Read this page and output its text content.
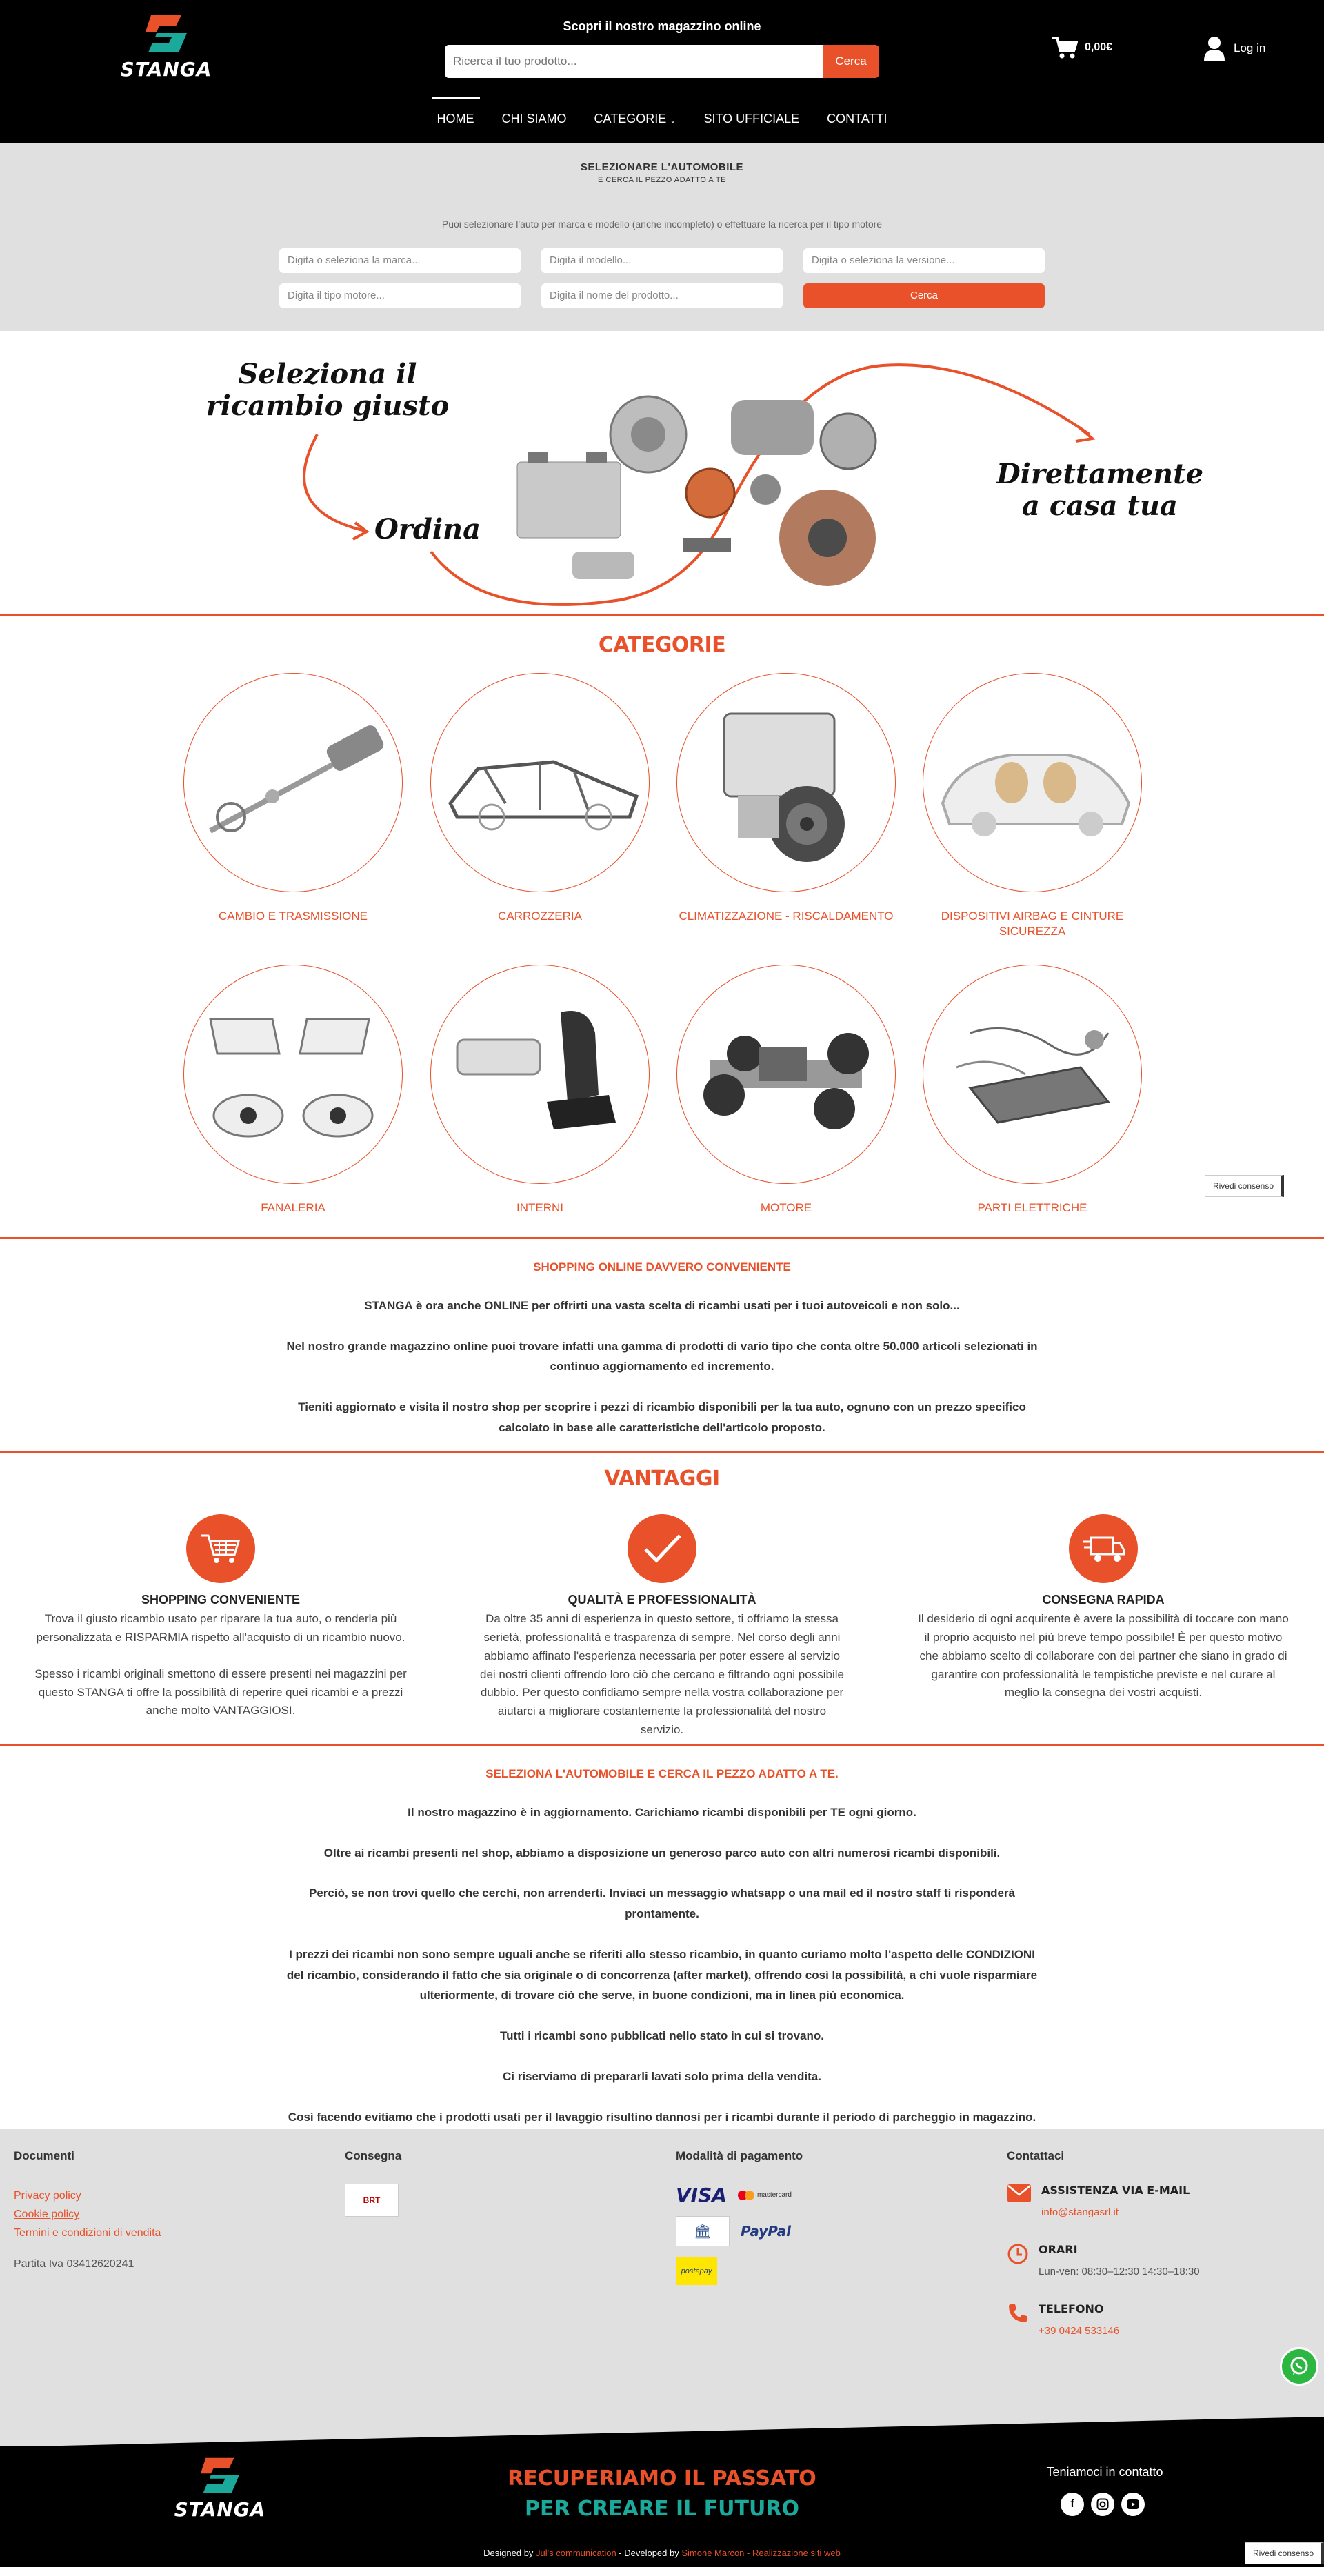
STANGA
Scopri il nostro magazzino online
Ricerca il tuo prodotto...
Cerca
0,00€	Log in
HOME	CHI SIAMO	CATEGORIE ⌄	SITO UFFICIALE	CONTATTI
SELEZIONARE L'AUTOMOBILE
E CERCA IL PEZZO ADATTO A TE
Puoi selezionare l'auto per marca e modello (anche incompleto) o effettuare la ricerca per il tipo motore
Digita o seleziona la marca...	Digita il modello...	Digita o seleziona la versione...
Digita il tipo motore...	Digita il nome del prodotto...	Cerca
Seleziona il ricambio giusto
Ordina
Direttamente a casa tua
CATEGORIE
CAMBIO E TRASMISSIONE	CARROZZERIA	CLIMATIZZAZIONE - RISCALDAMENTO	DISPOSITIVI AIRBAG E CINTURE SICUREZZA
FANALERIA	INTERNI	MOTORE	PARTI ELETTRICHE
Rivedi consenso
SHOPPING ONLINE DAVVERO CONVENIENTE

STANGA è ora anche ONLINE per offrirti una vasta scelta di ricambi usati per i tuoi autoveicoli e non solo...

Nel nostro grande magazzino online puoi trovare infatti una gamma di prodotti di vario tipo che conta oltre 50.000 articoli selezionati in continuo aggiornamento ed incremento.

Tieniti aggiornato e visita il nostro shop per scoprire i pezzi di ricambio disponibili per la tua auto, ognuno con un prezzo specifico calcolato in base alle caratteristiche dell'articolo proposto.

VANTAGGI
SHOPPING CONVENIENTE
Trova il giusto ricambio usato per riparare la tua auto, o renderla più personalizzata e RISPARMIA rispetto all'acquisto di un ricambio nuovo.
Spesso i ricambi originali smettono di essere presenti nei magazzini per questo STANGA ti offre la possibilità di reperire quei ricambi e a prezzi anche molto VANTAGGIOSI.
QUALITÀ E PROFESSIONALITÀ
Da oltre 35 anni di esperienza in questo settore, ti offriamo la stessa serietà, professionalità e trasparenza di sempre. Nel corso degli anni abbiamo affinato l'esperienza necessaria per poter essere al servizio dei nostri clienti offrendo loro ciò che cercano e filtrando ogni possibile dubbio. Per questo confidiamo sempre nella vostra collaborazione per aiutarci a migliorare costantemente la professionalità del nostro servizio.
CONSEGNA RAPIDA
Il desiderio di ogni acquirente è avere la possibilità di toccare con mano il proprio acquisto nel più breve tempo possibile! È per questo motivo che abbiamo scelto di collaborare con dei partner che siano in grado di garantire con professionalità le tempistiche previste e nel curare al meglio la consegna dei vostri acquisti.
SELEZIONA L'AUTOMOBILE E CERCA IL PEZZO ADATTO A TE.

Il nostro magazzino è in aggiornamento. Carichiamo ricambi disponibili per TE ogni giorno.

Oltre ai ricambi presenti nel shop, abbiamo a disposizione un generoso parco auto con altri numerosi ricambi disponibili.

Perciò, se non trovi quello che cerchi, non arrenderti. Inviaci un messaggio whatsapp o una mail ed il nostro staff ti risponderà prontamente.

I prezzi dei ricambi non sono sempre uguali anche se riferiti allo stesso ricambio, in quanto curiamo molto l'aspetto delle CONDIZIONI del ricambio, considerando il fatto che sia originale o di concorrenza (after market), offrendo così la possibilità, a chi vuole risparmiare ulteriormente, di trovare ciò che serve, in buone condizioni, ma in linea più economica.

Tutti i ricambi sono pubblicati nello stato in cui si trovano.

Ci riserviamo di prepararli lavati solo prima della vendita.

Così facendo evitiamo che i prodotti usati per il lavaggio risultino dannosi per i ricambi durante il periodo di parcheggio in magazzino.

Documenti
Privacy policy
Cookie policy
Termini e condizioni di vendita
Partita Iva 03412620241
Consegna
BRT
Modalità di pagamento
VISA	mastercard
🏛	PayPal
postepay
Contattaci
ASSISTENZA VIA E-MAIL
info@stangasrl.it
ORARI
Lun-ven: 08:30–12:30 14:30–18:30
TELEFONO
+39 0424 533146
STANGA
RECUPERIAMO IL PASSATO
PER CREARE IL FUTURO
Teniamoci in contatto
f
Designed by Jul's communication - Developed by Simone Marcon - Realizzazione siti web	Rivedi consenso
